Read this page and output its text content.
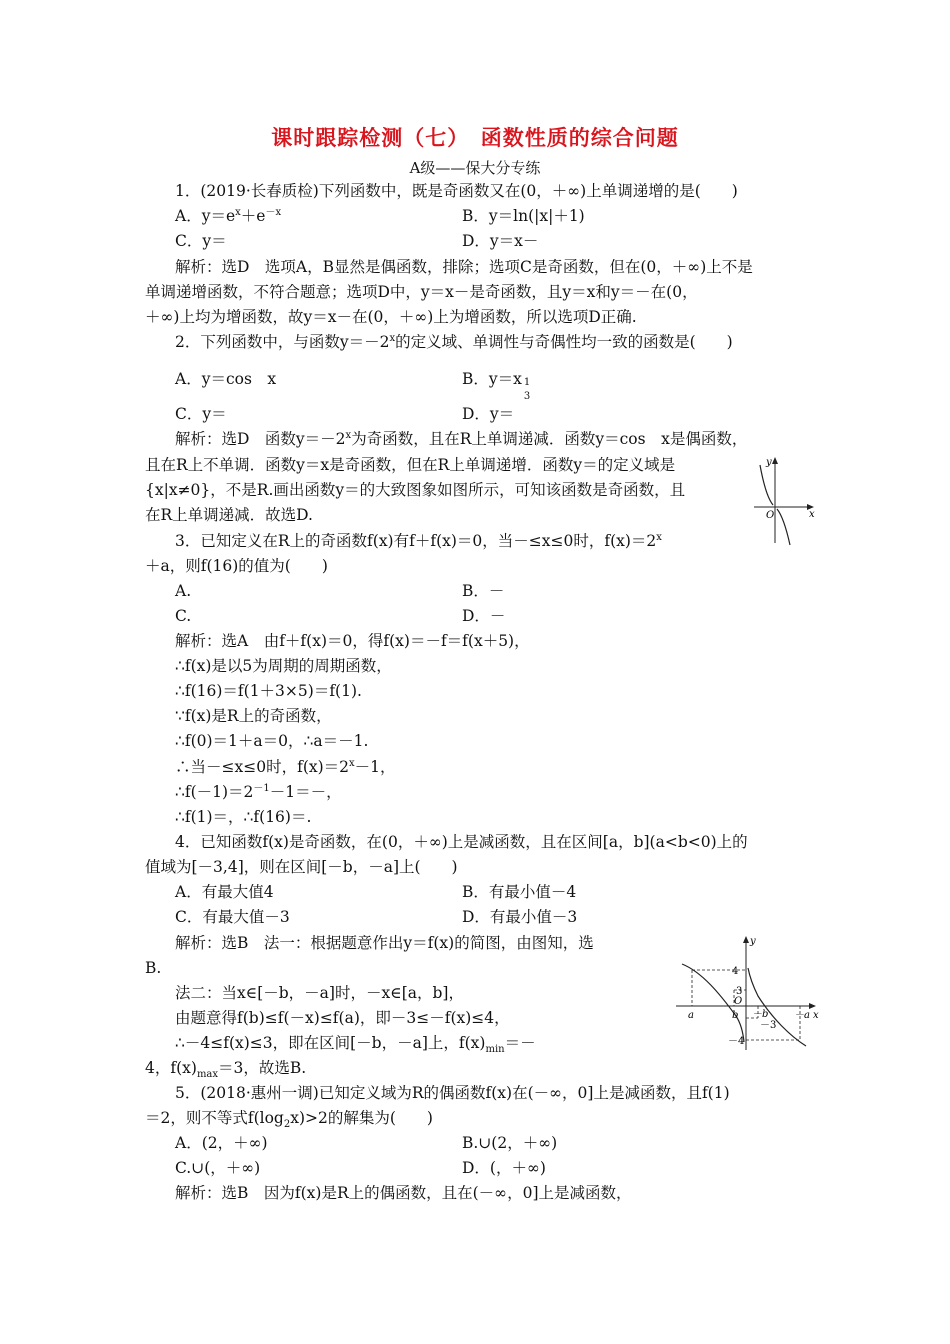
课时跟踪检测（七）　函数性质的综合问题
A级——保大分专练
1．(2019·长春质检)下列函数中，既是奇函数又在(0，＋∞)上单调递增的是(　　)
A．$y=e^x+e^{-x}$	B．y＝ln(|x|＋1)
C．y＝	D．y＝x－
解析：选D　选项A，B显然是偶函数，排除；选项C是奇函数，但在(0，＋∞)上不是
单调递增函数，不符合题意；选项D中，y＝x－是奇函数，且y＝x和y＝－在(0，
＋∞)上均为增函数，故y＝x－在(0，＋∞)上为增函数，所以选项D正确.
2．下列函数中，与函数$y=-2^x$的定义域、单调性与奇偶性均一致的函数是(　　)
A．y＝cos　x	B．y＝x 1
3
C．y＝	D．y＝
解析：选D　函数$y=-2^x$为奇函数，且在R上单调递减．函数y＝cos　x是偶函数，
且在R上不单调．函数y＝x是奇函数，但在R上单调递增．函数y＝的定义域是
{x|x≠0}，不是R.画出函数y＝的大致图象如图所示，可知该函数是奇函数，且
在R上单调递减．故选D.
y
x
O
3．已知定义在R上的奇函数f(x)有f＋f(x)＝0，当－≤x≤0时，$f(x)=2^x$
＋a，则f(16)的值为(　　)
A.	B．－
C.	D．－
解析：选A　由f＋f(x)＝0，得f(x)＝－f＝f(x＋5)，
∴f(x)是以5为周期的周期函数，
∴f(16)＝f(1＋3×5)＝f(1).
∵f(x)是R上的奇函数，
∴f(0)＝1＋a＝0，∴a＝－1.
∴当－≤x≤0时，$f(x)=2^x-1$，
$\therefore f(-1)=2^{-1}-1=-$，
∴f(1)＝，∴f(16)＝.
4．已知函数f(x)是奇函数，在(0，＋∞)上是减函数，且在区间[a，b](a<b<0)上的
值域为[－3,4]，则在区间[－b，－a]上(　　)
A．有最大值4	B．有最小值－4
C．有最大值－3	D．有最小值－3
解析：选B　法一：根据题意作出y＝f(x)的简图，由图知，选
B.
法二：当x∈[－b，－a]时，－x∈[a，b]，
由题意得f(b)≤f(－x)≤f(a)，即－3≤－f(x)≤4，
∴－4≤f(x)≤3，即在区间[－b，－a]上，$f(x)_{min}=-$
4，$f(x)_{max}=3$，故选B.
y
x
4
3
O
a	b －b
－3
－a
－4
5．(2018·惠州一调)已知定义域为R的偶函数f(x)在(－∞，0]上是减函数，且f(1)
＝2，则不等式$f(\log_2x)>2$的解集为(　　)
A．(2，＋∞)	B.∪(2，＋∞)
C.∪(，＋∞)	D．(，＋∞)
解析：选B　因为f(x)是R上的偶函数，且在(－∞，0]上是减函数，
